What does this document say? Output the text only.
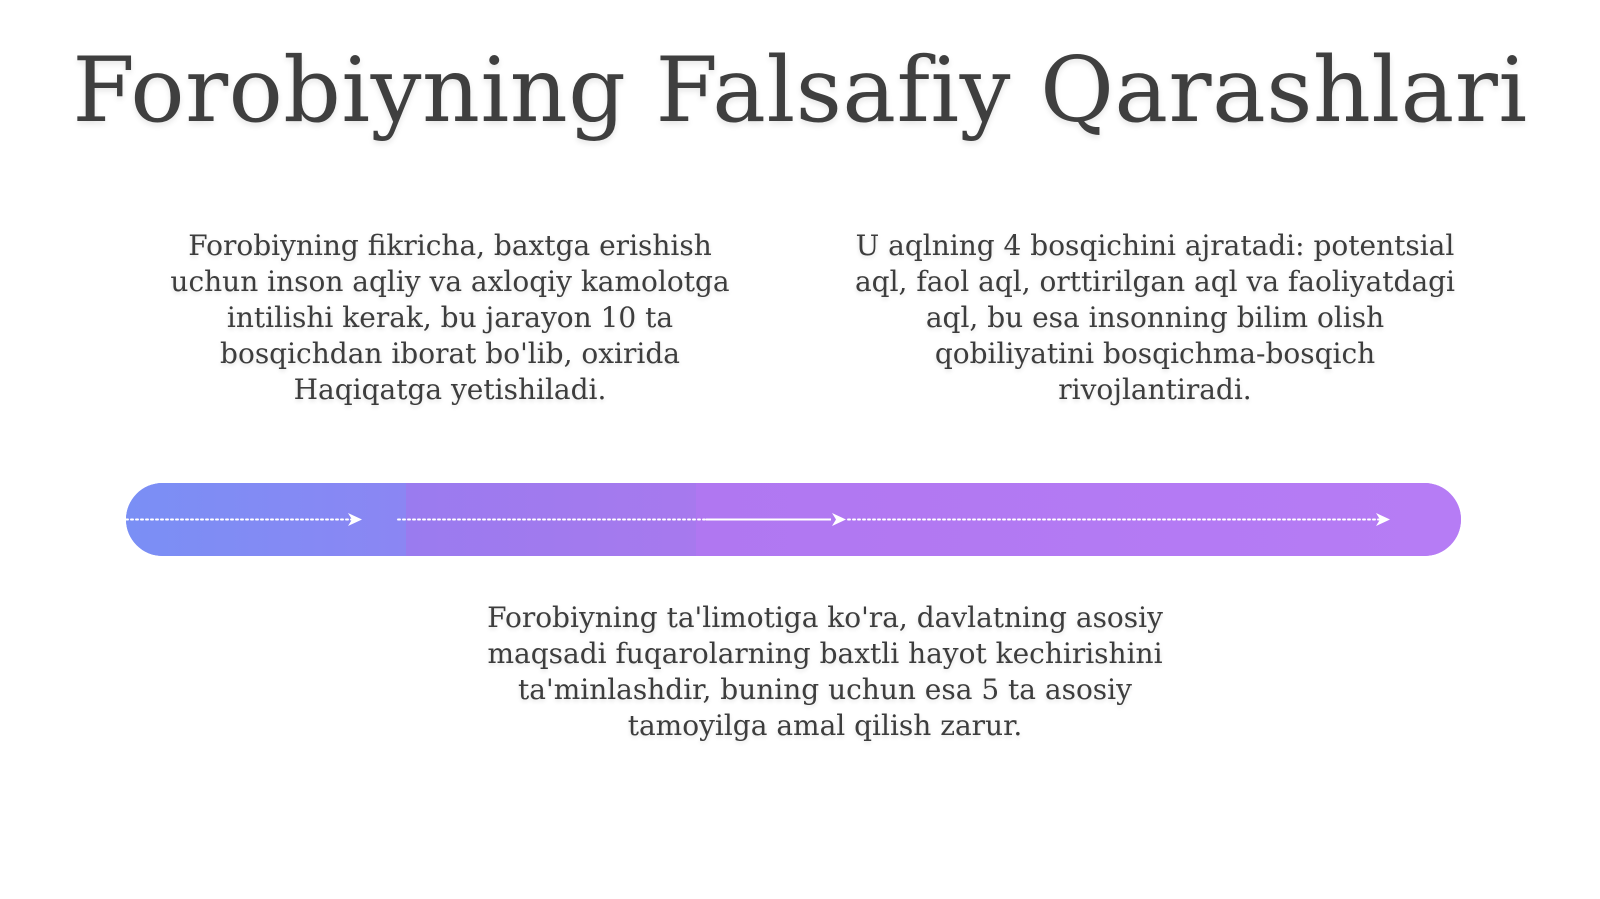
Forobiyning Falsafiy Qarashlari

Forobiyning fikricha, baxtga erishish uchun inson aqliy va axloqiy kamolotga intilishi kerak, bu jarayon 10 ta bosqichdan iborat bo'lib, oxirida Haqiqatga yetishiladi.

U aqlning 4 bosqichini ajratadi: potentsial aql, faol aql, orttirilgan aql va faoliyatdagi aql, bu esa insonning bilim olish qobiliyatini bosqichma-bosqich rivojlantiradi.

Forobiyning ta'limotiga ko'ra, davlatning asosiy maqsadi fuqarolarning baxtli hayot kechirishini ta'minlashdir, buning uchun esa 5 ta asosiy tamoyilga amal qilish zarur.
